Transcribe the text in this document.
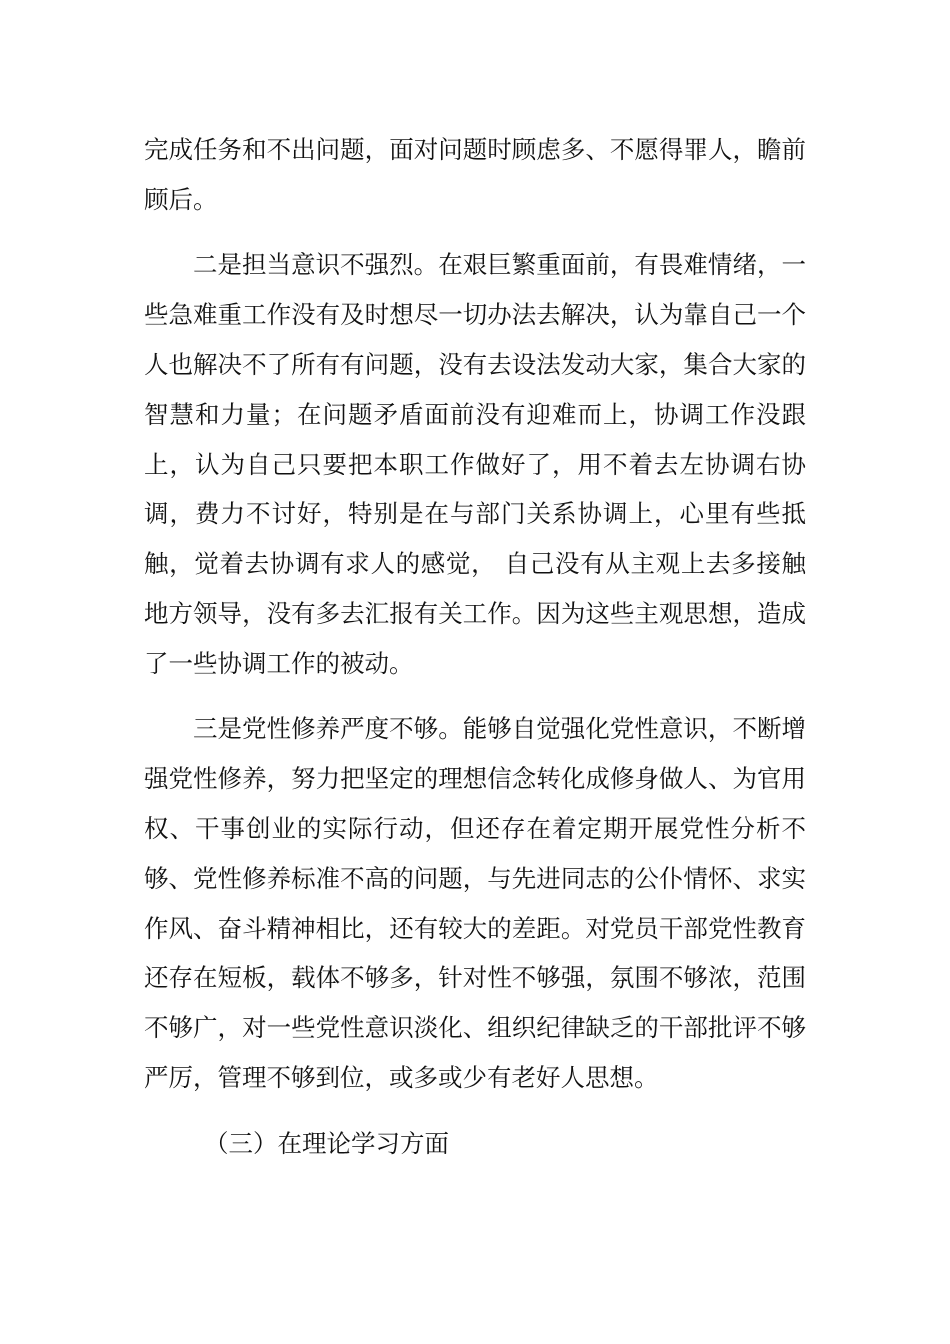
完成任务和不出问题，面对问题时顾虑多、不愿得罪人，瞻前顾后。

二是担当意识不强烈。在艰巨繁重面前，有畏难情绪，一些急难重工作没有及时想尽一切办法去解决，认为靠自己一个人也解决不了所有有问题，没有去设法发动大家，集合大家的智慧和力量；在问题矛盾面前没有迎难而上，协调工作没跟上，认为自己只要把本职工作做好了，用不着去左协调右协调，费力不讨好，特别是在与部门关系协调上，心里有些抵触，觉着去协调有求人的感觉， 自己没有从主观上去多接触地方领导，没有多去汇报有关工作。因为这些主观思想，造成了一些协调工作的被动。

三是党性修养严度不够。能够自觉强化党性意识，不断增强党性修养，努力把坚定的理想信念转化成修身做人、为官用权、干事创业的实际行动，但还存在着定期开展党性分析不够、党性修养标准不高的问题，与先进同志的公仆情怀、求实作风、奋斗精神相比，还有较大的差距。对党员干部党性教育还存在短板，载体不够多，针对性不够强，氛围不够浓，范围不够广，对一些党性意识淡化、组织纪律缺乏的干部批评不够严厉，管理不够到位，或多或少有老好人思想。

（三）在理论学习方面
